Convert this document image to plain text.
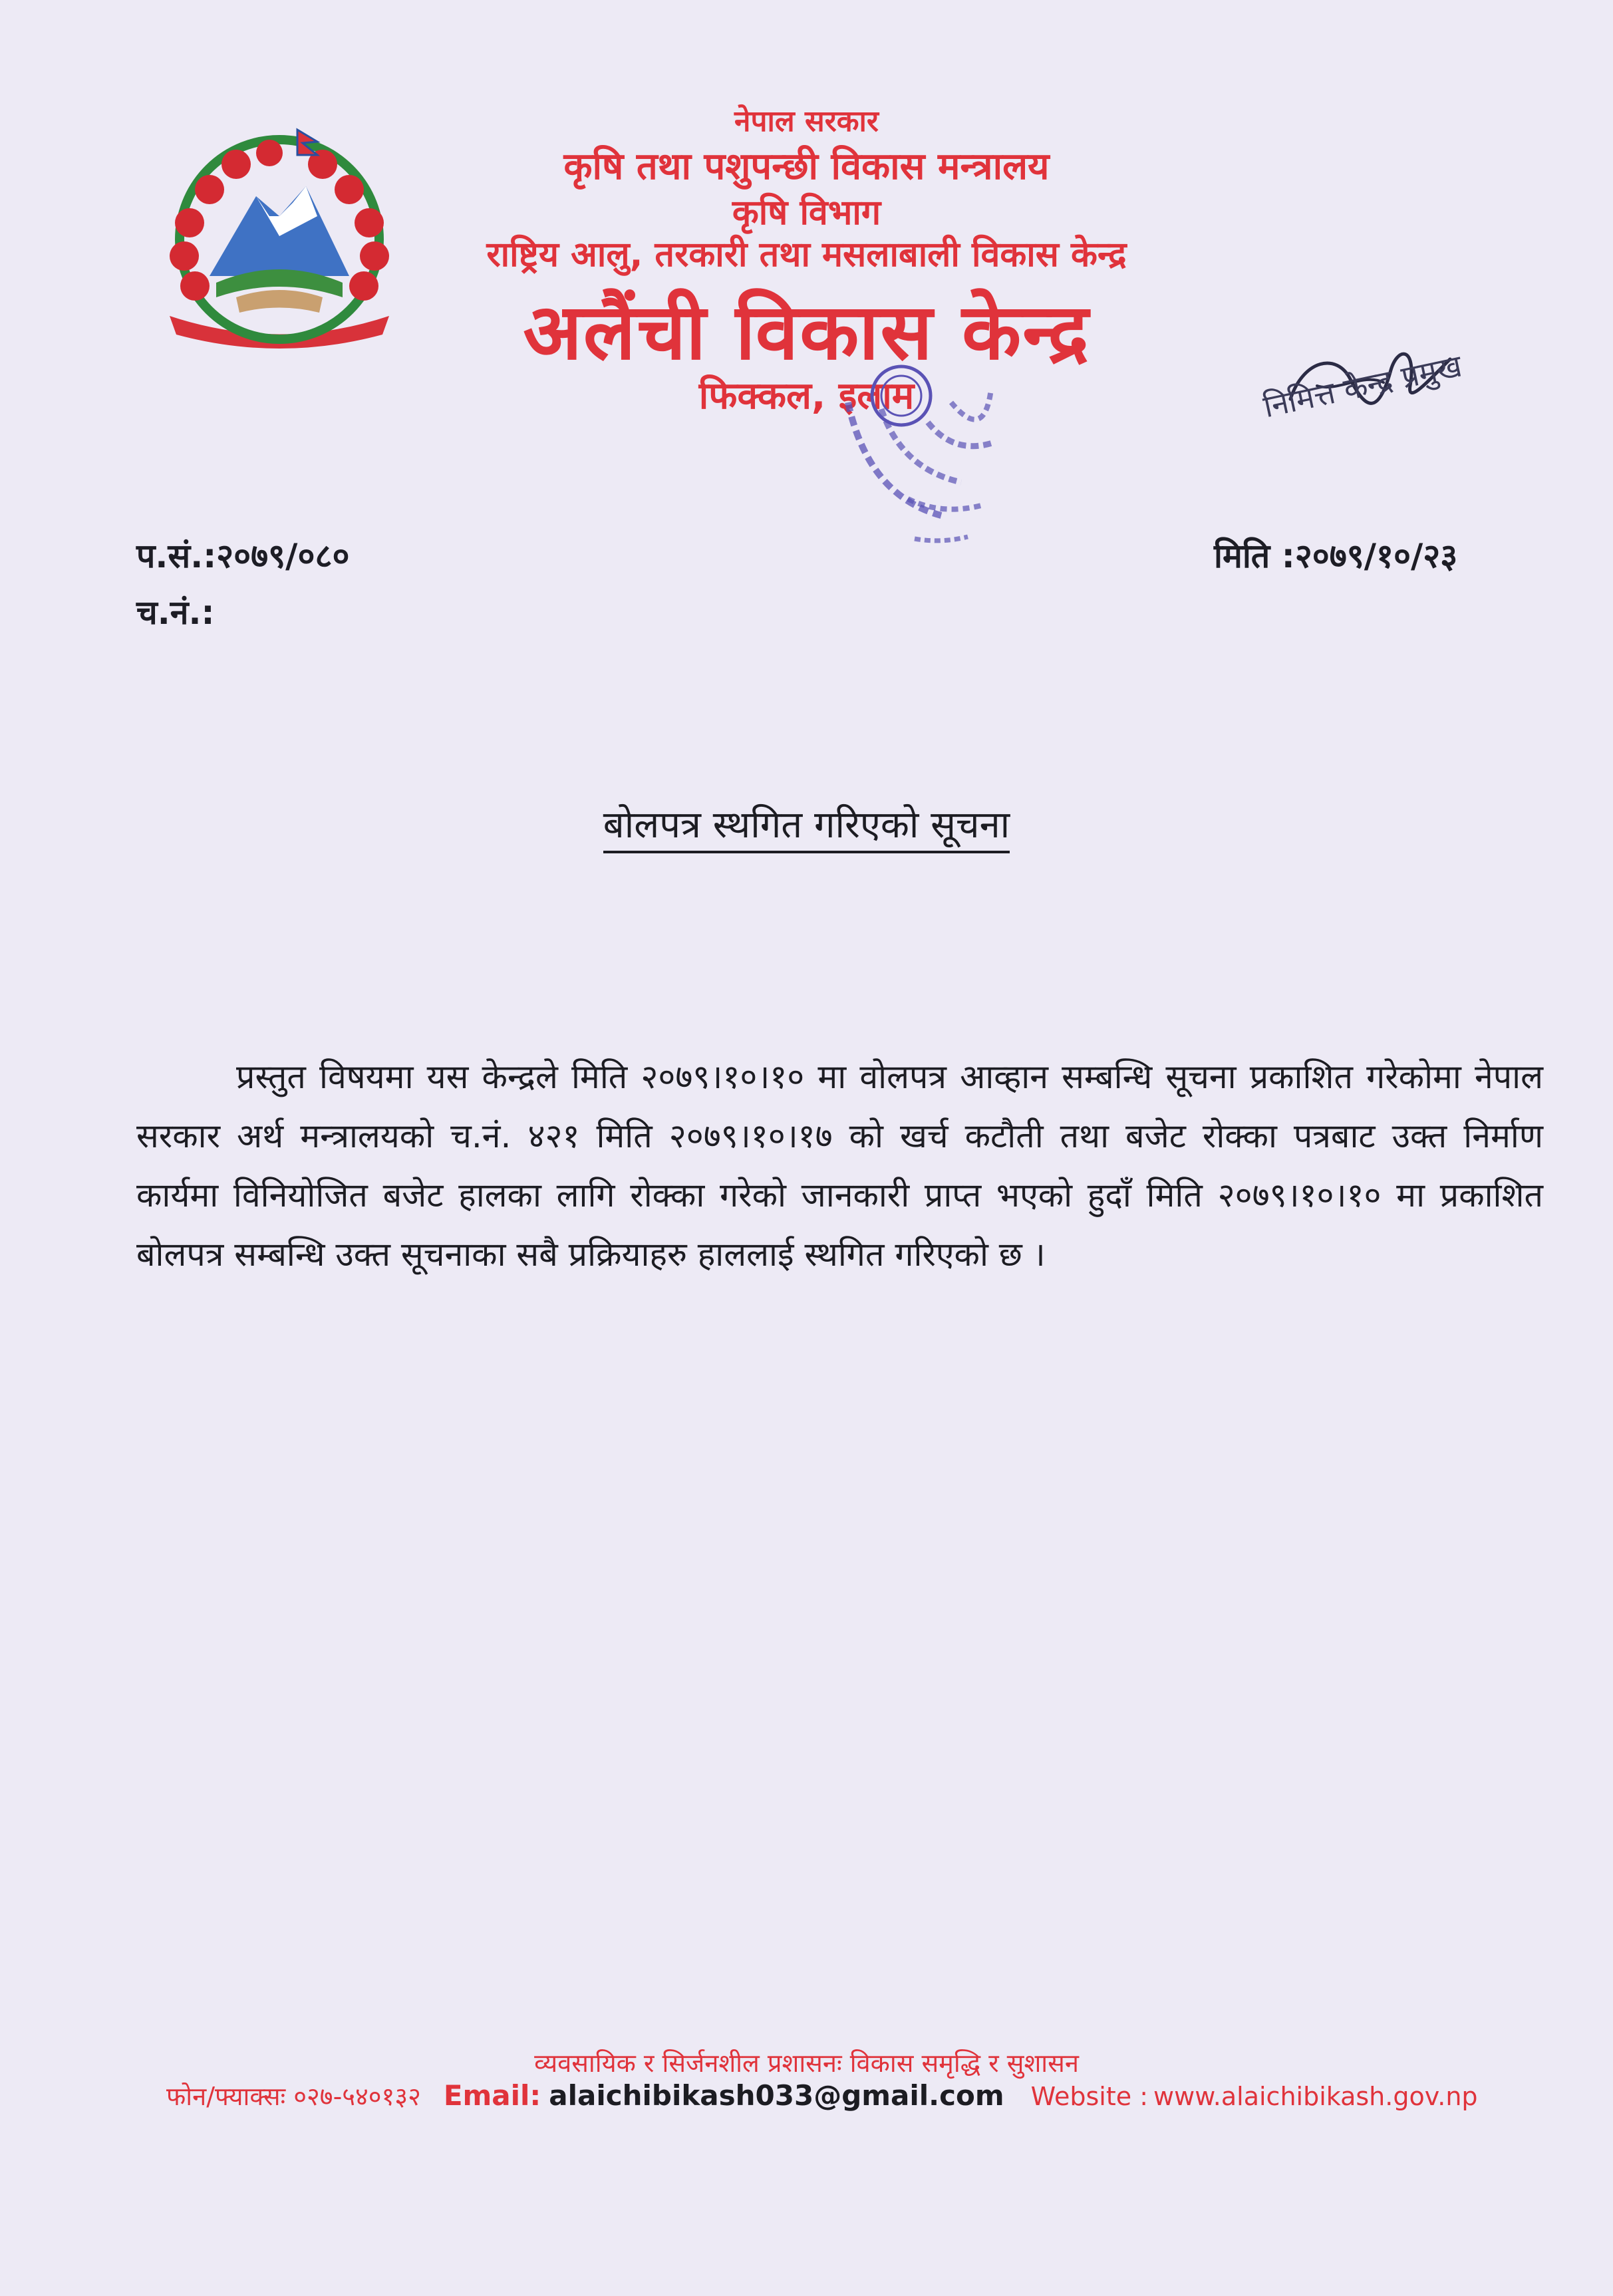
नेपाल सरकार
कृषि तथा पशुपन्छी विकास मन्त्रालय
कृषि विभाग
राष्ट्रिय आलु, तरकारी तथा मसलाबाली विकास केन्द्र
अलैंची विकास केन्द्र
फिक्कल, इलाम	निमित्त केन्द्र प्रमुख
प.सं.:२०७९/०८०
च.नं.:
मिति :२०७९/१०/२३
बोलपत्र स्थगित गरिएको सूचना
प्रस्तुत विषयमा यस केन्द्रले मिति २०७९।१०।१० मा वोलपत्र आव्हान सम्बन्धि सूचना प्रकाशित गरेकोमा नेपाल सरकार अर्थ मन्त्रालयको च.नं. ४२१ मिति २०७९।१०।१७ को खर्च कटौती तथा बजेट रोक्का पत्रबाट उक्त निर्माण कार्यमा विनियोजित बजेट हालका लागि रोक्का गरेको जानकारी प्राप्त भएको हुदाँ मिति २०७९।१०।१० मा प्रकाशित बोलपत्र सम्बन्धि उक्त सूचनाका सबै प्रक्रियाहरु हाललाई स्थगित गरिएको छ ।
व्यवसायिक र सिर्जनशील प्रशासनः विकास समृद्धि र सुशासन
फोन/फ्याक्सः ०२७-५४०१३२ Email: alaichibikash033@gmail.com Website : www.alaichibikash.gov.np
